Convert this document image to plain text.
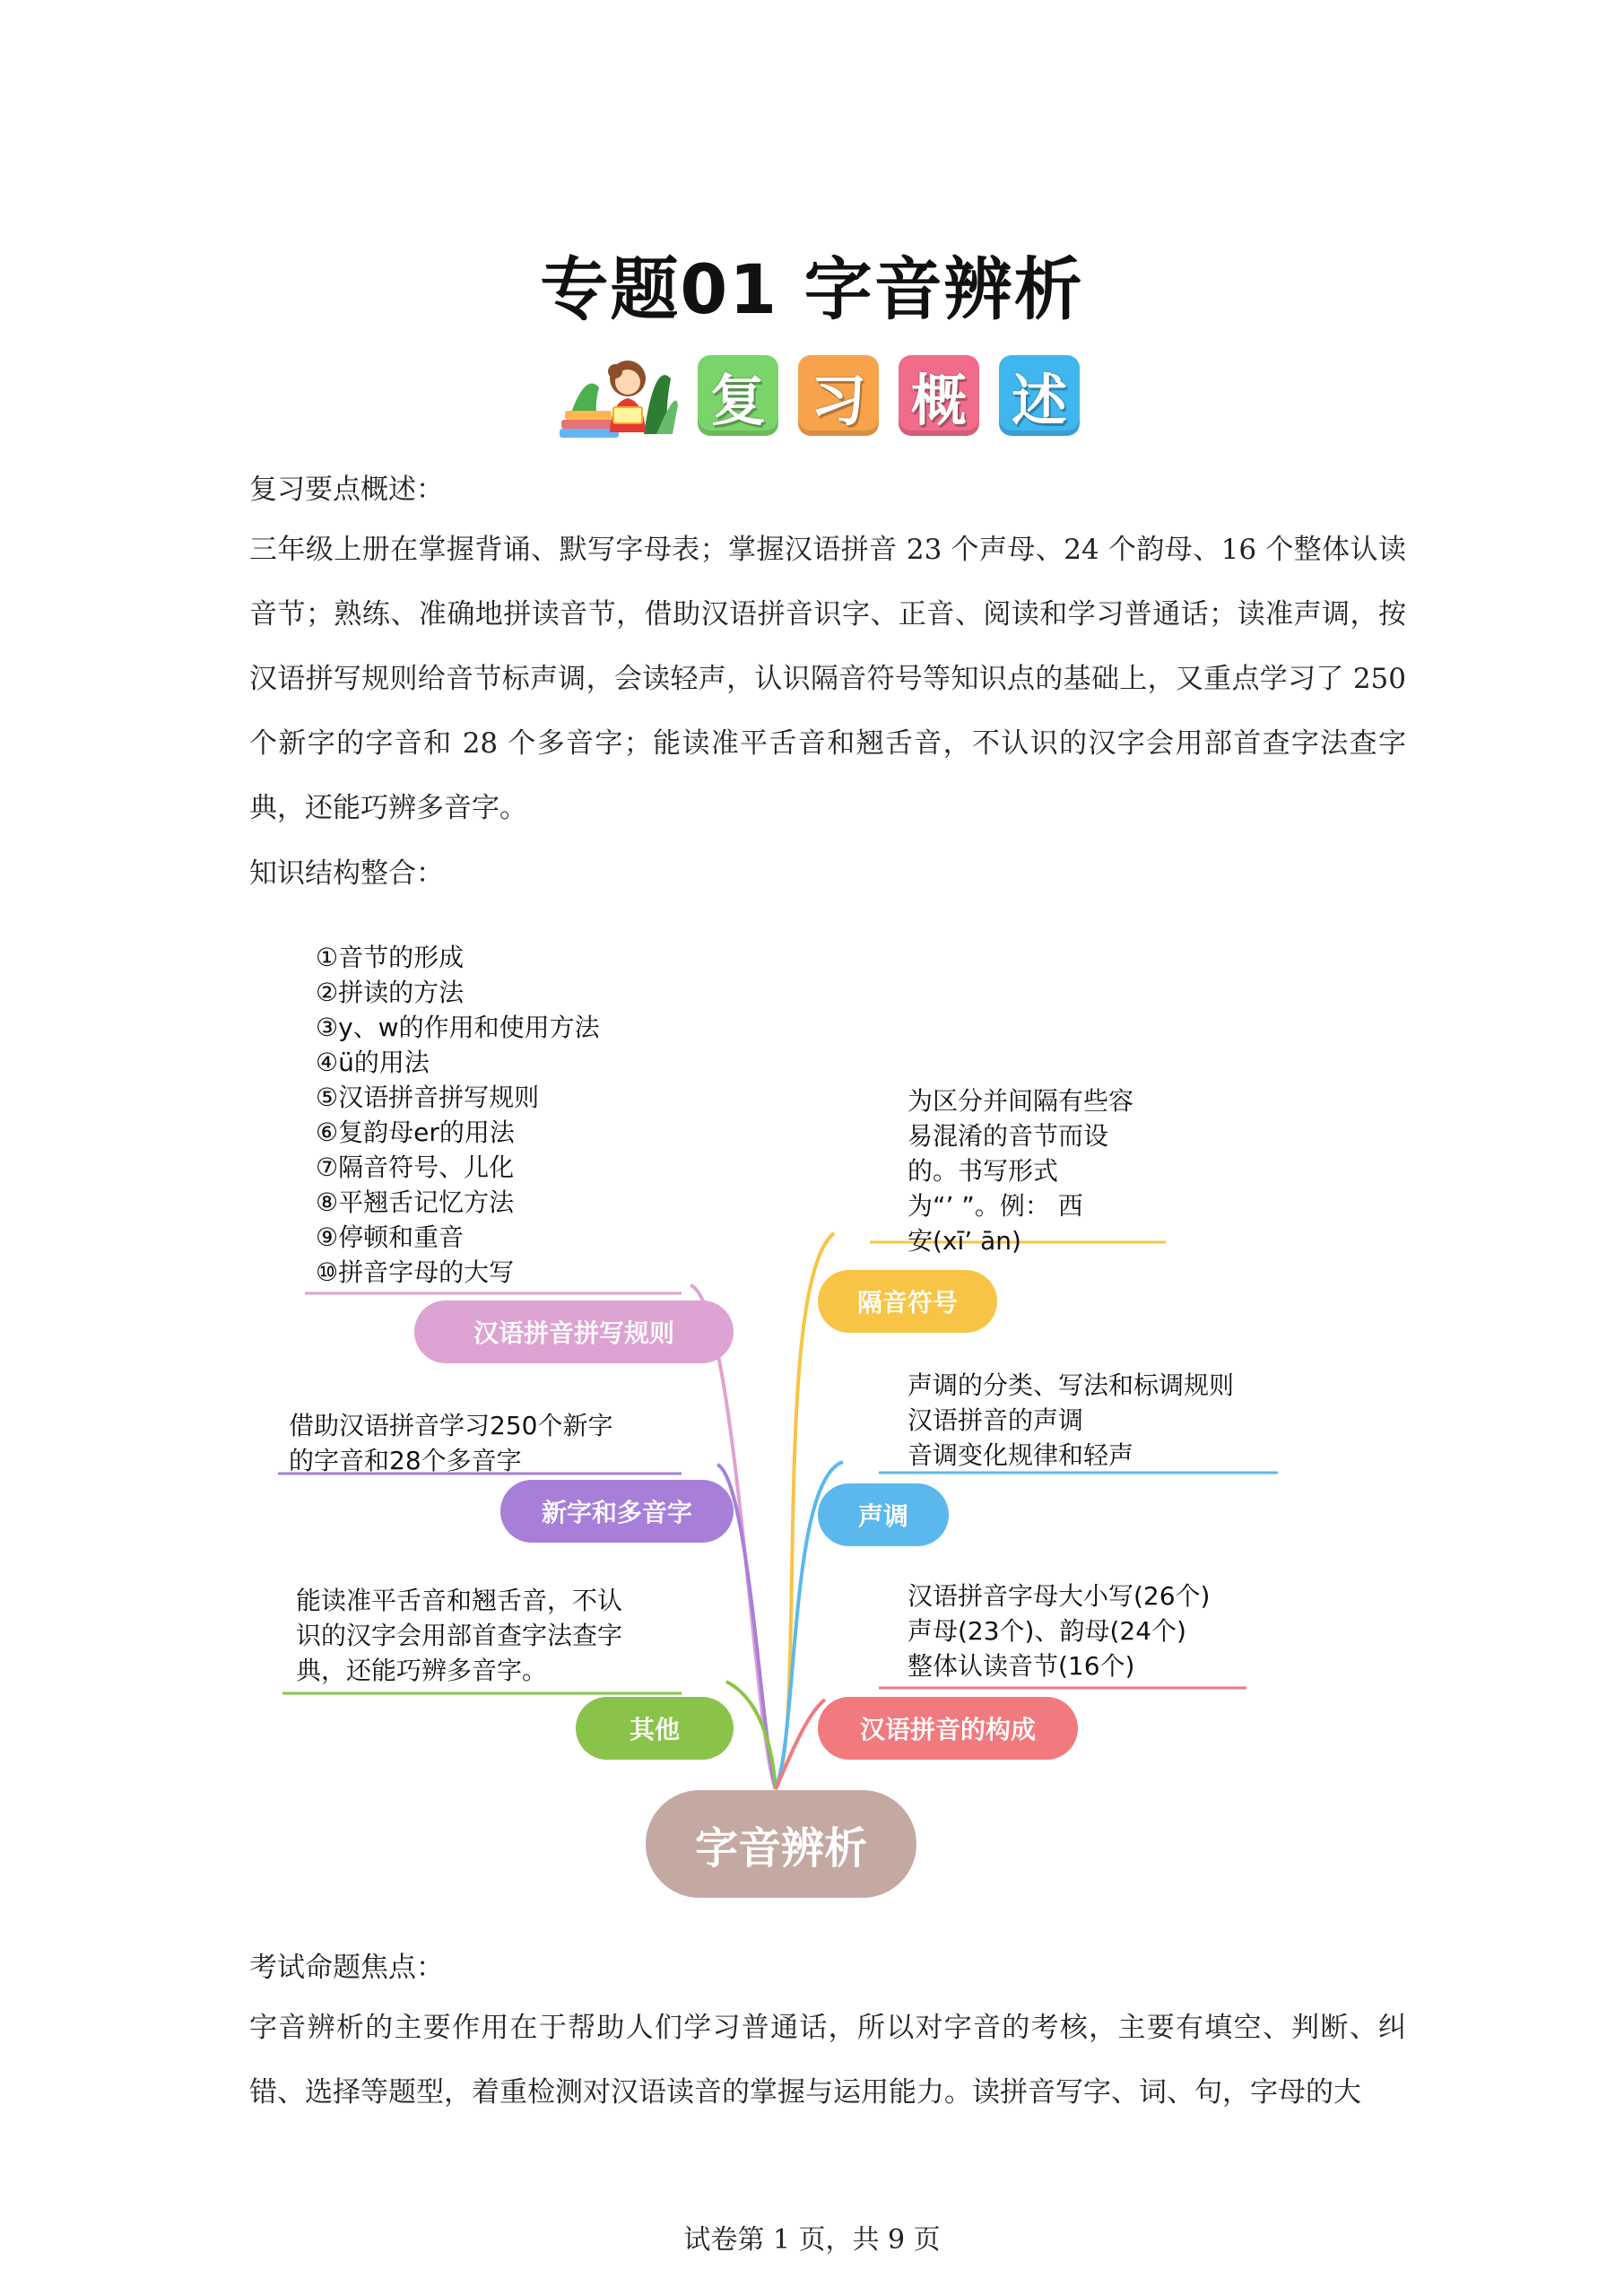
专题01 字音辨析
复 习 概 述
复习要点概述：

三年级上册在掌握背诵、默写字母表；掌握汉语拼音 23 个声母、24 个韵母、16 个整体认读音节；熟练、准确地拼读音节，借助汉语拼音识字、正音、阅读和学习普通话；读准声调，按汉语拼写规则给音节标声调，会读轻声，认识隔音符号等知识点的基础上，又重点学习了 250 个新字的字音和 28 个多音字；能读准平舌音和翘舌音，不认识的汉字会用部首查字法查字典，还能巧辨多音字。

知识结构整合：
①音节的形成
②拼读的方法
③y、w的作用和使用方法
④ü的用法
⑤汉语拼音拼写规则
⑥复韵母er的用法
⑦隔音符号、儿化
⑧平翘舌记忆方法
⑨停顿和重音
⑩拼音字母的大写
汉语拼音拼写规则
借助汉语拼音学习250个新字
的字音和28个多音字
新字和多音字
能读准平舌音和翘舌音，不认
识的汉字会用部首查字法查字
典，还能巧辨多音字。
其他
为区分并间隔有些容
易混淆的音节而设
的。书写形式
为“’ ”。例： 西
安(xī’ ān)
隔音符号
声调的分类、写法和标调规则
汉语拼音的声调
音调变化规律和轻声
声调
汉语拼音字母大小写(26个)
声母(23个)、韵母(24个)
整体认读音节(16个)
汉语拼音的构成
字音辨析
考试命题焦点：

字音辨析的主要作用在于帮助人们学习普通话，所以对字音的考核，主要有填空、判断、纠错、选择等题型，着重检测对汉语读音的掌握与运用能力。读拼音写字、词、句，字母的大

试卷第 1 页，共 9 页
